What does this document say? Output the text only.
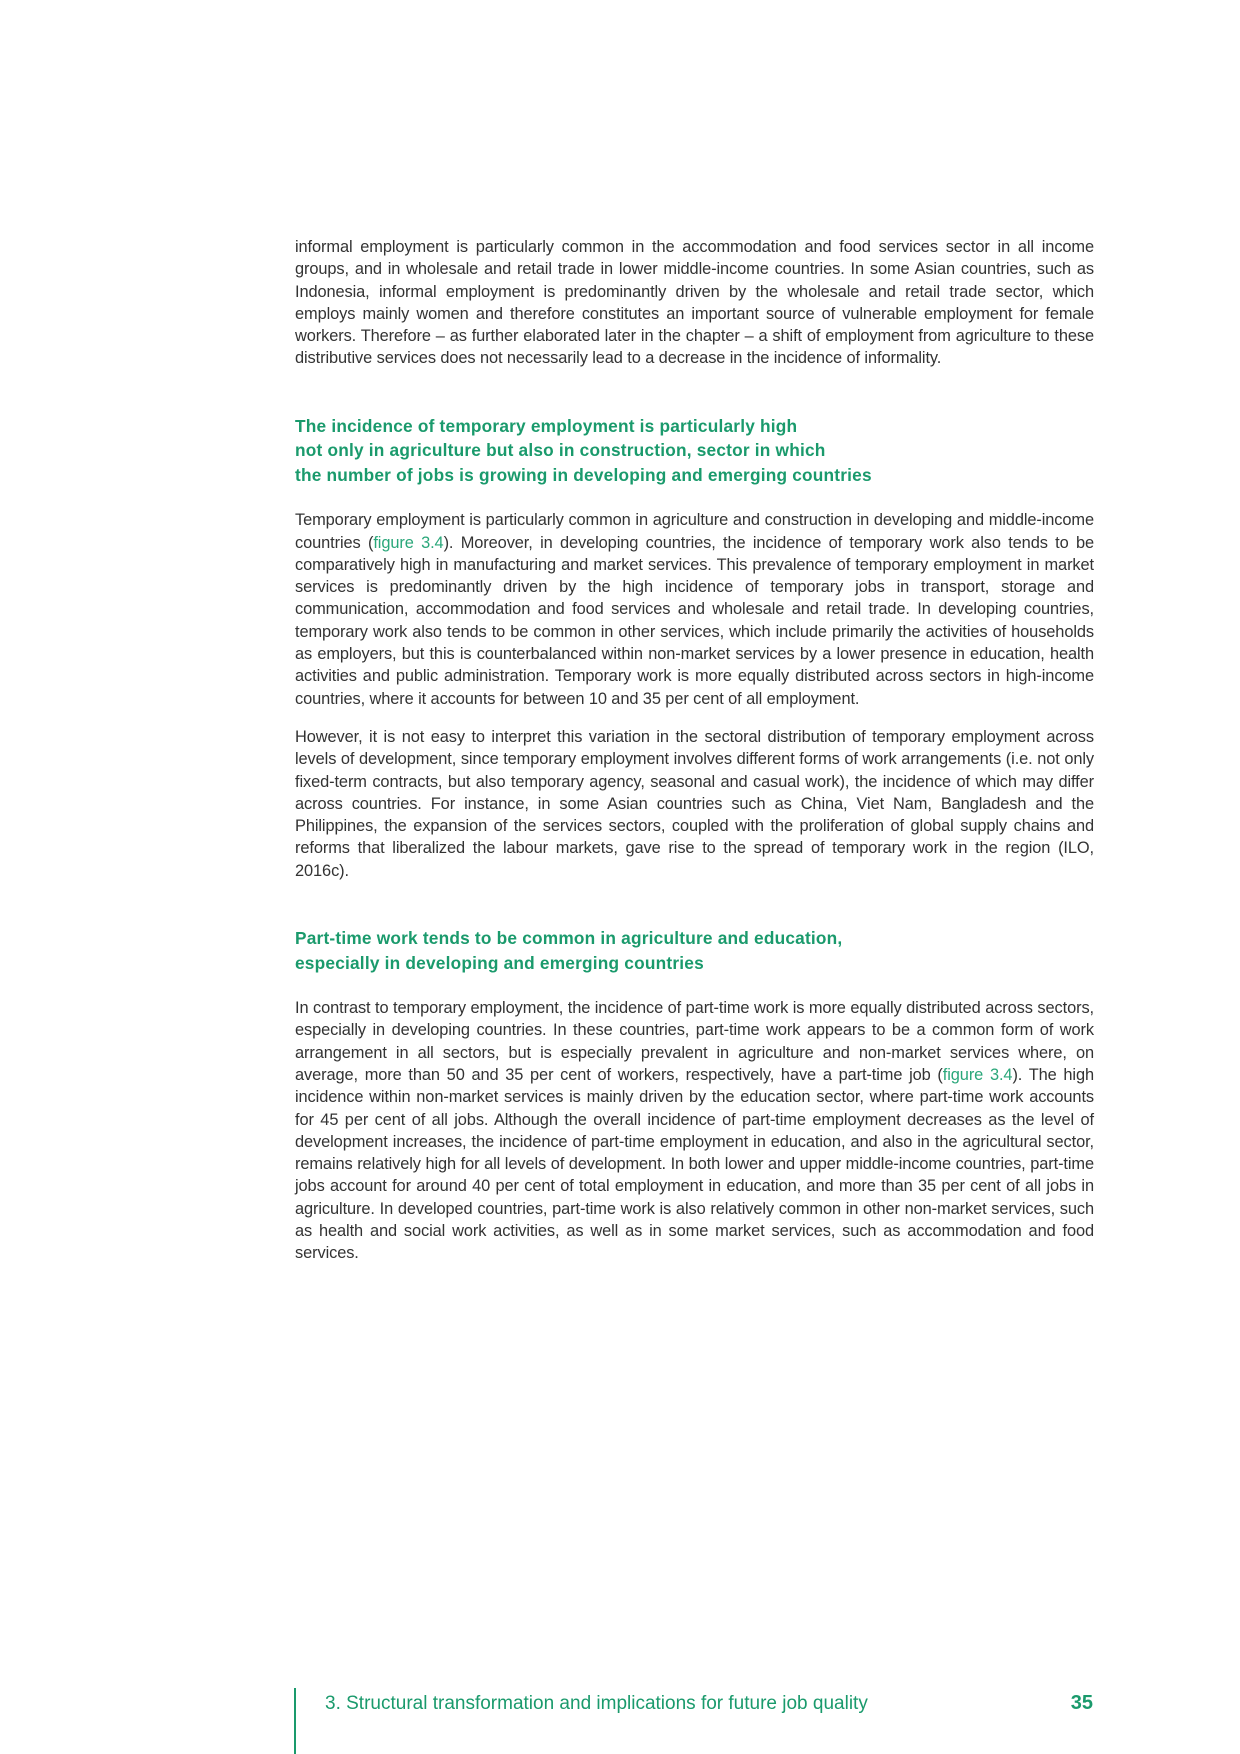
informal employment is particularly common in the accommodation and food services sector in all income groups, and in wholesale and retail trade in lower middle-income countries. In some Asian countries, such as Indonesia, informal employment is predominantly driven by the wholesale and retail trade sector, which employs mainly women and therefore constitutes an important source of vulnerable employment for female workers. Therefore – as further elaborated later in the chapter – a shift of employment from agriculture to these distributive services does not necessarily lead to a decrease in the incidence of informality.

The incidence of temporary employment is particularly high
not only in agriculture but also in construction, sector in which
the number of jobs is growing in developing and emerging countries

Temporary employment is particularly common in agriculture and construction in developing and middle-income countries (figure 3.4). Moreover, in developing countries, the incidence of temporary work also tends to be comparatively high in manufacturing and market services. This prevalence of temporary employment in market services is predominantly driven by the high incidence of temporary jobs in transport, storage and communication, accommodation and food services and wholesale and retail trade. In developing countries, temporary work also tends to be common in other services, which include primarily the activities of households as employers, but this is counterbalanced within non-market services by a lower presence in education, health activities and public administration. Temporary work is more equally distributed across sectors in high-income countries, where it accounts for between 10 and 35 per cent of all employment.

However, it is not easy to interpret this variation in the sectoral distribution of temporary employment across levels of development, since temporary employment involves different forms of work arrangements (i.e. not only fixed-term contracts, but also temporary agency, seasonal and casual work), the incidence of which may differ across countries. For instance, in some Asian countries such as China, Viet Nam, Bangladesh and the Philippines, the expansion of the services sectors, coupled with the proliferation of global supply chains and reforms that liberalized the labour markets, gave rise to the spread of temporary work in the region (ILO, 2016c).

Part-time work tends to be common in agriculture and education,
especially in developing and emerging countries

In contrast to temporary employment, the incidence of part-time work is more equally distributed across sectors, especially in developing countries. In these countries, part-time work appears to be a common form of work arrangement in all sectors, but is especially prevalent in agriculture and non-market services where, on average, more than 50 and 35 per cent of workers, respectively, have a part-time job (figure 3.4). The high incidence within non-market services is mainly driven by the education sector, where part-time work accounts for 45 per cent of all jobs. Although the overall incidence of part-time employment decreases as the level of development increases, the incidence of part-time employment in education, and also in the agricultural sector, remains relatively high for all levels of development. In both lower and upper middle-income countries, part-time jobs account for around 40 per cent of total employment in education, and more than 35 per cent of all jobs in agriculture. In developed countries, part-time work is also relatively common in other non-market services, such as health and social work activities, as well as in some market services, such as accommodation and food services.

3. Structural transformation and implications for future job quality	35
